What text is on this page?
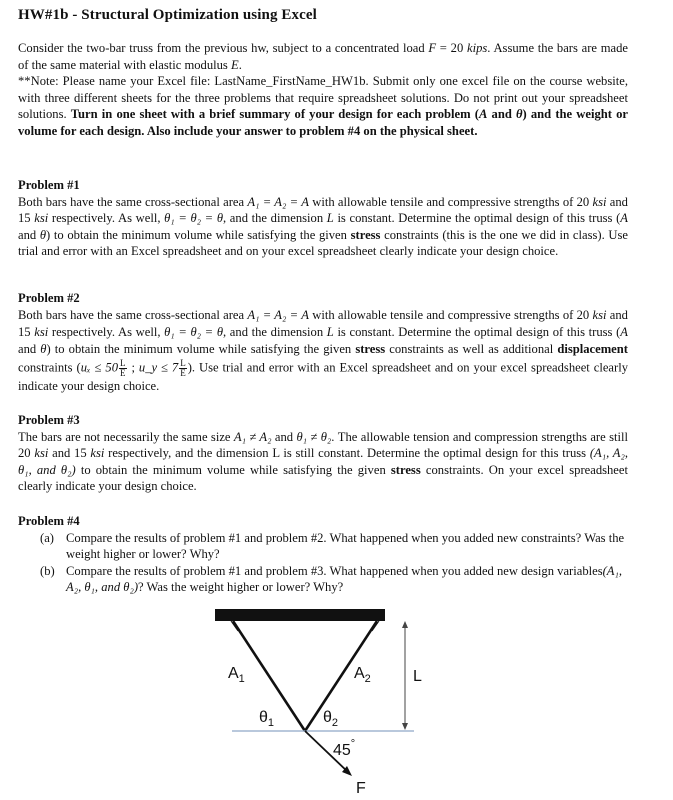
HW#1b - Structural Optimization using Excel

Consider the two-bar truss from the previous hw, subject to a concentrated load F = 20 kips. Assume the bars are made of the same material with elastic modulus E.

**Note: Please name your Excel file: LastName_FirstName_HW1b. Submit only one excel file on the course website, with three different sheets for the three problems that require spreadsheet solutions. Do not print out your spreadsheet solutions. Turn in one sheet with a brief summary of your design for each problem (A and θ) and the weight or volume for each design. Also include your answer to problem #4 on the physical sheet.

Problem #1

Both bars have the same cross-sectional area A₁ = A₂ = A with allowable tensile and compressive strengths of 20 ksi and 15 ksi respectively. As well, θ₁ = θ₂ = θ, and the dimension L is constant. Determine the optimal design of this truss (A and θ) to obtain the minimum volume while satisfying the given stress constraints (this is the one we did in class). Use trial and error with an Excel spreadsheet and on your excel spreadsheet clearly indicate your design choice.

Problem #2

Both bars have the same cross-sectional area A₁ = A₂ = A with allowable tensile and compressive strengths of 20 ksi and 15 ksi respectively. As well, θ₁ = θ₂ = θ, and the dimension L is constant. Determine the optimal design of this truss (A and θ) to obtain the minimum volume while satisfying the given stress constraints as well as additional displacement constraints ($u_x \le 50 \frac{L}{E}$ ; u_y ≤ $7 \frac{L}{E}$ ). Use trial and error with an Excel spreadsheet and on your excel spreadsheet clearly indicate your design choice.

Problem #3

The bars are not necessarily the same size A₁ ≠ A₂ and θ₁ ≠ θ₂. The allowable tension and compression strengths are still 20 ksi and 15 ksi respectively, and the dimension L is still constant. Determine the optimal design for this truss (A₁, A₂, θ₁, and θ₂) to obtain the minimum volume while satisfying the given stress constraints. On your excel spreadsheet clearly indicate your design choice.

Problem #4
(a) Compare the results of problem #1 and problem #2. What happened when you added new constraints? Was the weight higher or lower? Why?
(b) Compare the results of problem #1 and problem #3. What happened when you added new design variables(A₁, A₂, θ₁, and θ₂)? Was the weight higher or lower? Why?
$A_1$	$A_2$	L
$\theta_1$	$\theta_2$
45°
F
